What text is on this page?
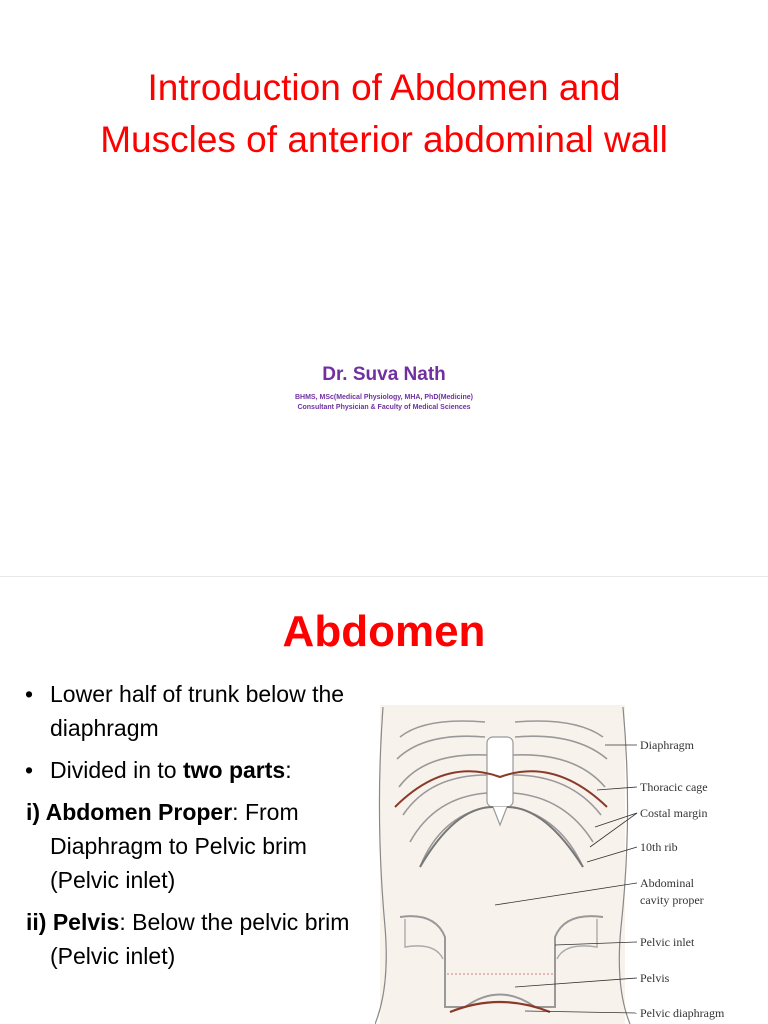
Introduction of Abdomen and
Muscles of anterior abdominal wall
Dr. Suva Nath
BHMS, MSc(Medical Physiology, MHA, PhD(Medicine)
Consultant Physician & Faculty of Medical Sciences
Abdomen
• Lower half of trunk below the diaphragm
• Divided in to two parts:
i) Abdomen Proper: From Diaphragm to Pelvic brim (Pelvic inlet)
ii) Pelvis: Below the pelvic brim (Pelvic inlet)
Diaphragm
Thoracic cage
Costal margin
10th rib
Abdominal
cavity proper
Pelvic inlet
Pelvis
Pelvic diaphragm
